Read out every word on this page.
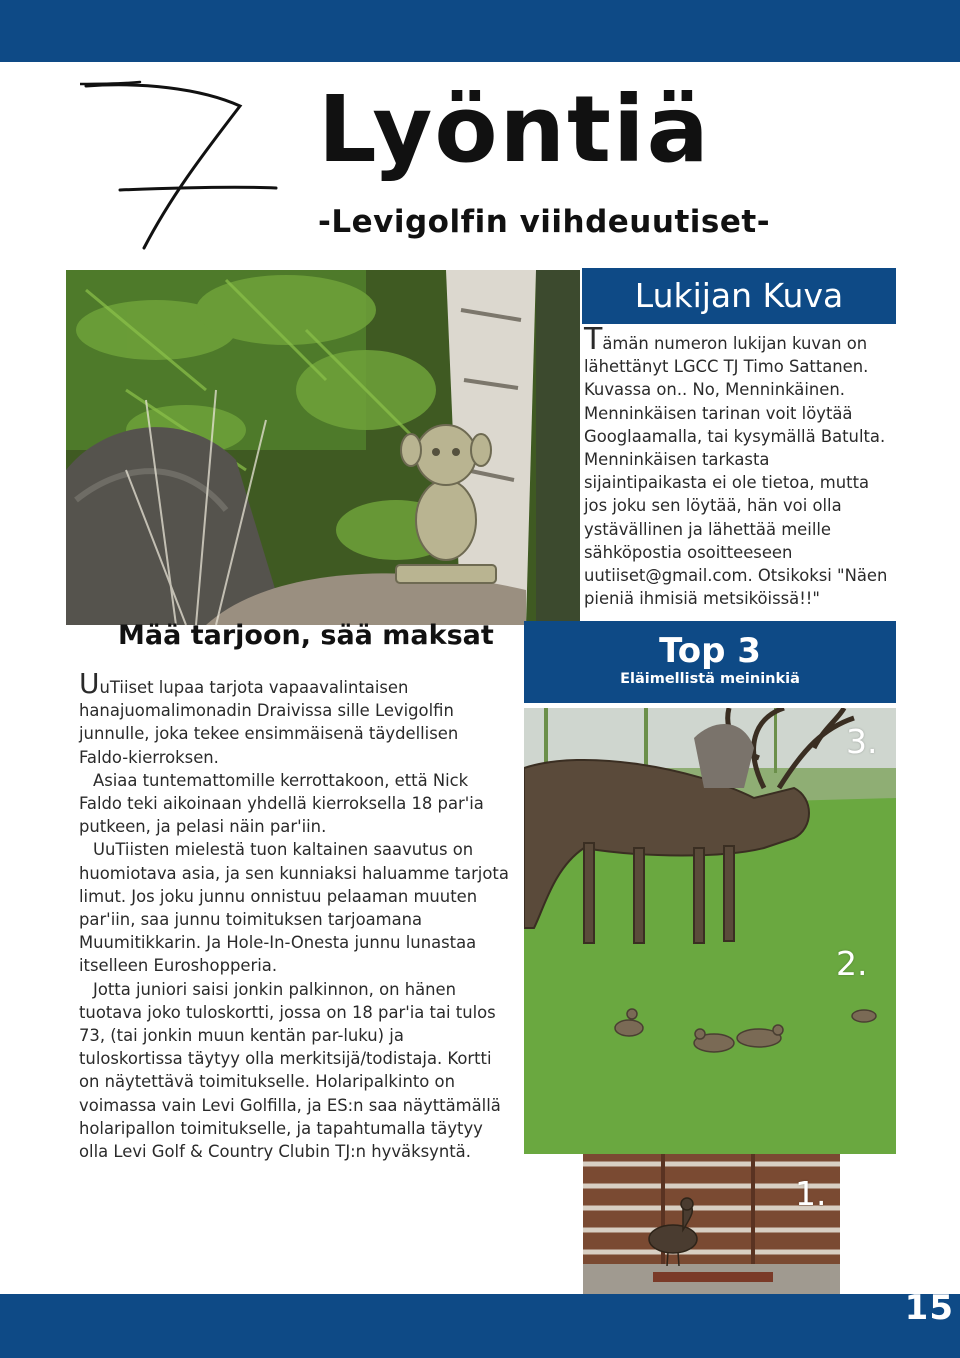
Lyöntiä
-Levigolfin viihdeuutiset-
Mää tarjoon, sää maksat

UuTiiset lupaa tarjota vapaavalintaisen hanajuomalimonadin Draivissa sille Levigolfin junnulle, joka tekee ensimmäisenä täydellisen Faldo-kierroksen.

Asiaa tuntemattomille kerrottakoon, että Nick Faldo teki aikoinaan yhdellä kierroksella 18 par'ia putkeen, ja pelasi näin par'iin.

UuTiisten mielestä tuon kaltainen saavutus on huomiotava asia, ja sen kunniaksi haluamme tarjota limut. Jos joku junnu onnistuu pelaaman muuten par'iin, saa junnu toimituksen tarjoamana Muumitikkarin. Ja Hole-In-Onesta junnu lunastaa itselleen Euroshopperia.

Jotta juniori saisi jonkin palkinnon, on hänen tuotava joko tuloskortti, jossa on 18 par'ia tai tulos 73, (tai jonkin muun kentän par-luku) ja tuloskortissa täytyy olla merkitsijä/todistaja. Kortti on näytettävä toimitukselle. Holaripalkinto on voimassa vain Levi Golfilla, ja ES:n saa näyttämällä holaripallon toimitukselle, ja tapahtumalla täytyy olla Levi Golf & Country Clubin TJ:n hyväksyntä.

Lukijan Kuva
Tämän numeron lukijan kuvan on lähettänyt LGCC TJ Timo Sattanen. Kuvassa on.. No, Menninkäinen. Menninkäisen tarinan voit löytää Googlaamalla, tai kysymällä Batulta. Menninkäisen tarkasta sijaintipaikasta ei ole tietoa, mutta jos joku sen löytää, hän voi olla ystävällinen ja lähettää meille sähköpostia osoitteeseen uutiiset@gmail.com. Otsikoksi "Näen pieniä ihmisiä metsiköissä!!"
Top 3
Eläimellistä meininkiä
3.
2.
1.
15
